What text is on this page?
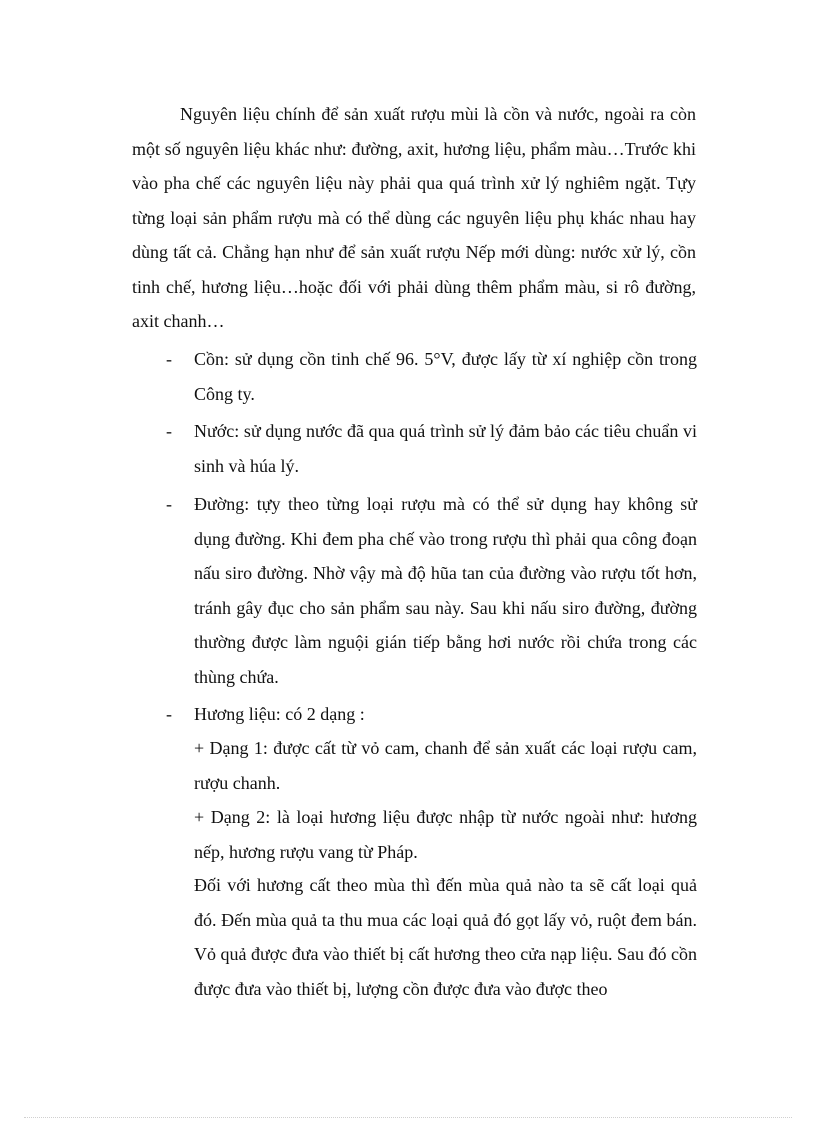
Nguyên liệu chính để sản xuất rượu mùi là cồn và nước, ngoài ra còn một số nguyên liệu khác như: đường, axit, hương liệu, phẩm màu…Trước khi vào pha chế các nguyên liệu này phải qua quá trình xử lý nghiêm ngặt. Tựy từng loại sản phẩm rượu mà có thể dùng các nguyên liệu phụ khác nhau hay dùng tất cả. Chẳng hạn như để sản xuất rượu Nếp mới dùng: nước xử lý, cồn tinh chế, hương liệu…hoặc đối với phải dùng thêm phẩm màu, si rô đường, axit chanh…

- Cồn: sử dụng cồn tinh chế 96. 5°V, được lấy từ xí nghiệp cồn trong Công ty.

- Nước: sử dụng nước đã qua quá trình sử lý đảm bảo các tiêu chuẩn vi sinh và húa lý.

- Đường: tựy theo từng loại rượu mà có thể sử dụng hay không sử dụng đường. Khi đem pha chế vào trong rượu thì phải qua công đoạn nấu siro đường. Nhờ vậy mà độ hũa tan của đường vào rượu tốt hơn, tránh gây đục cho sản phẩm sau này. Sau khi nấu siro đường, đường thường được làm nguội gián tiếp bằng hơi nước rồi chứa trong các thùng chứa.

- Hương liệu: có 2 dạng :

+ Dạng 1: được cất từ vỏ cam, chanh để sản xuất các loại rượu cam, rượu chanh.

+ Dạng 2: là loại hương liệu được nhập từ nước ngoài như: hương nếp, hương rượu vang từ Pháp.

Đối với hương cất theo mùa thì đến mùa quả nào ta sẽ cất loại quả đó. Đến mùa quả ta thu mua các loại quả đó gọt lấy vỏ, ruột đem bán. Vỏ quả được đưa vào thiết bị cất hương theo cửa nạp liệu. Sau đó cồn được đưa vào thiết bị, lượng cồn được đưa vào được theo
